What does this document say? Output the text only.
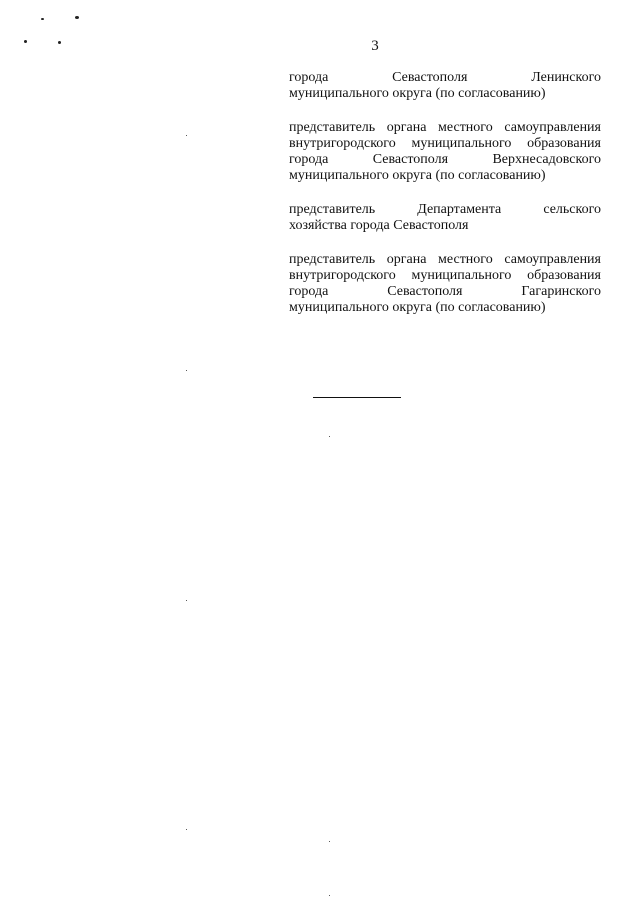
3
города Севастополя Ленинского
муниципального округа (по согласованию)
представитель органа местного самоуправления
внутригородского муниципального образования
города Севастополя Верхнесадовского
муниципального округа (по согласованию)
представитель Департамента сельского
хозяйства города Севастополя
представитель органа местного самоуправления
внутригородского муниципального образования
города Севастополя Гагаринского
муниципального округа (по согласованию)
